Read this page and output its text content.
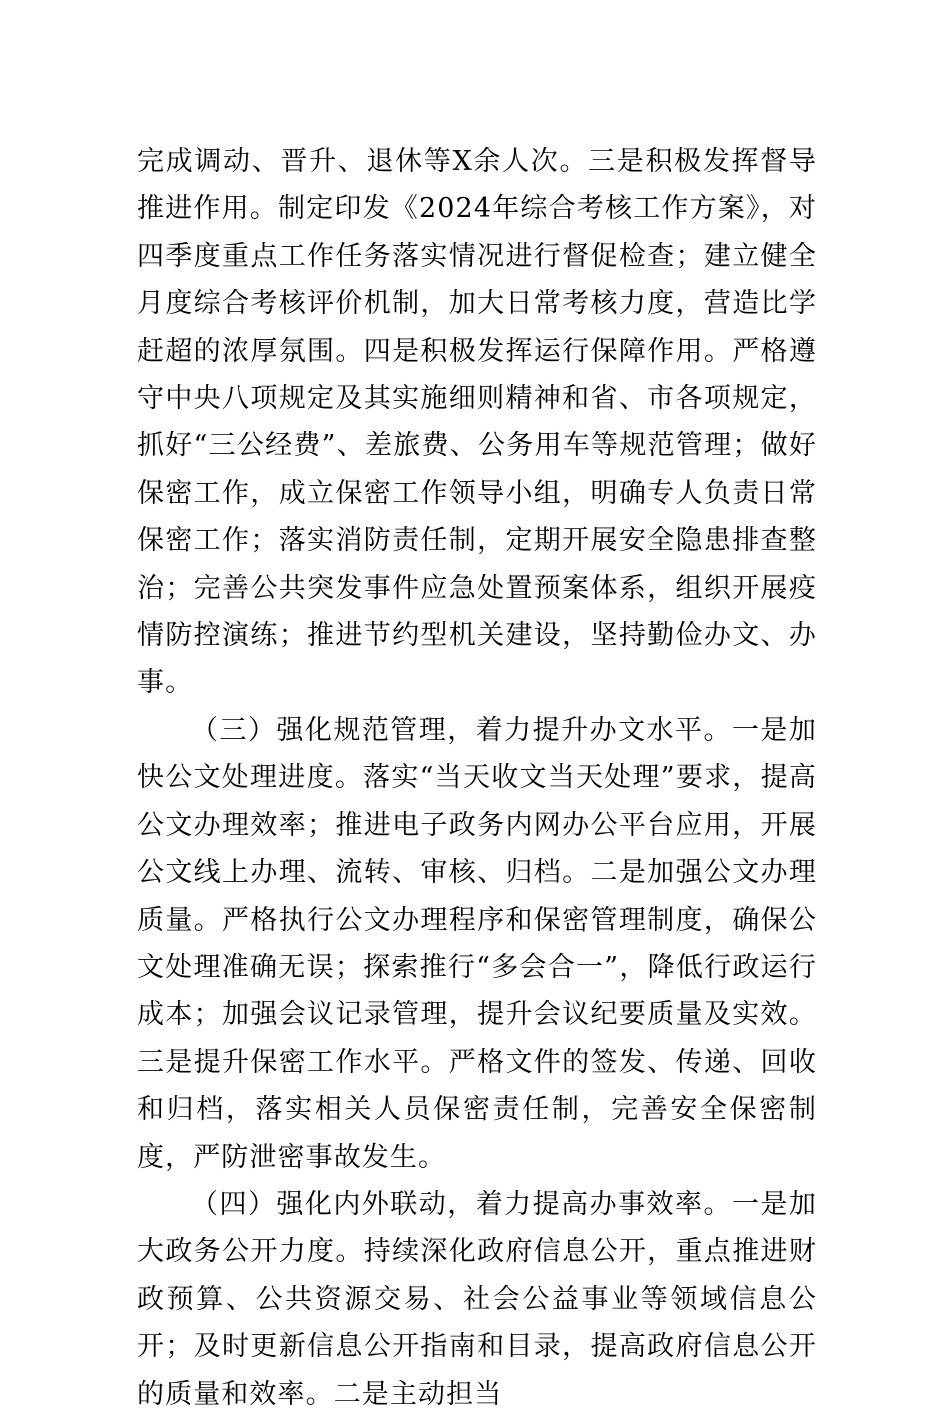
完成调动、晋升、退休等X余人次。三是积极发挥督导推进作用。制定印发《2024年综合考核工作方案》，对四季度重点工作任务落实情况进行督促检查；建立健全月度综合考核评价机制，加大日常考核力度，营造比学赶超的浓厚氛围。四是积极发挥运行保障作用。严格遵守中央八项规定及其实施细则精神和省、市各项规定，抓好“三公经费”、差旅费、公务用车等规范管理；做好保密工作，成立保密工作领导小组，明确专人负责日常保密工作；落实消防责任制，定期开展安全隐患排查整治；完善公共突发事件应急处置预案体系，组织开展疫情防控演练；推进节约型机关建设，坚持勤俭办文、办事。

（三）强化规范管理，着力提升办文水平。一是加快公文处理进度。落实“当天收文当天处理”要求，提高公文办理效率；推进电子政务内网办公平台应用，开展公文线上办理、流转、审核、归档。二是加强公文办理质量。严格执行公文办理程序和保密管理制度，确保公文处理准确无误；探索推行“多会合一”，降低行政运行成本；加强会议记录管理，提升会议纪要质量及实效。三是提升保密工作水平。严格文件的签发、传递、回收和归档，落实相关人员保密责任制，完善安全保密制度，严防泄密事故发生。

（四）强化内外联动，着力提高办事效率。一是加大政务公开力度。持续深化政府信息公开，重点推进财政预算、公共资源交易、社会公益事业等领域信息公开；及时更新信息公开指南和目录，提高政府信息公开的质量和效率。二是主动担当
